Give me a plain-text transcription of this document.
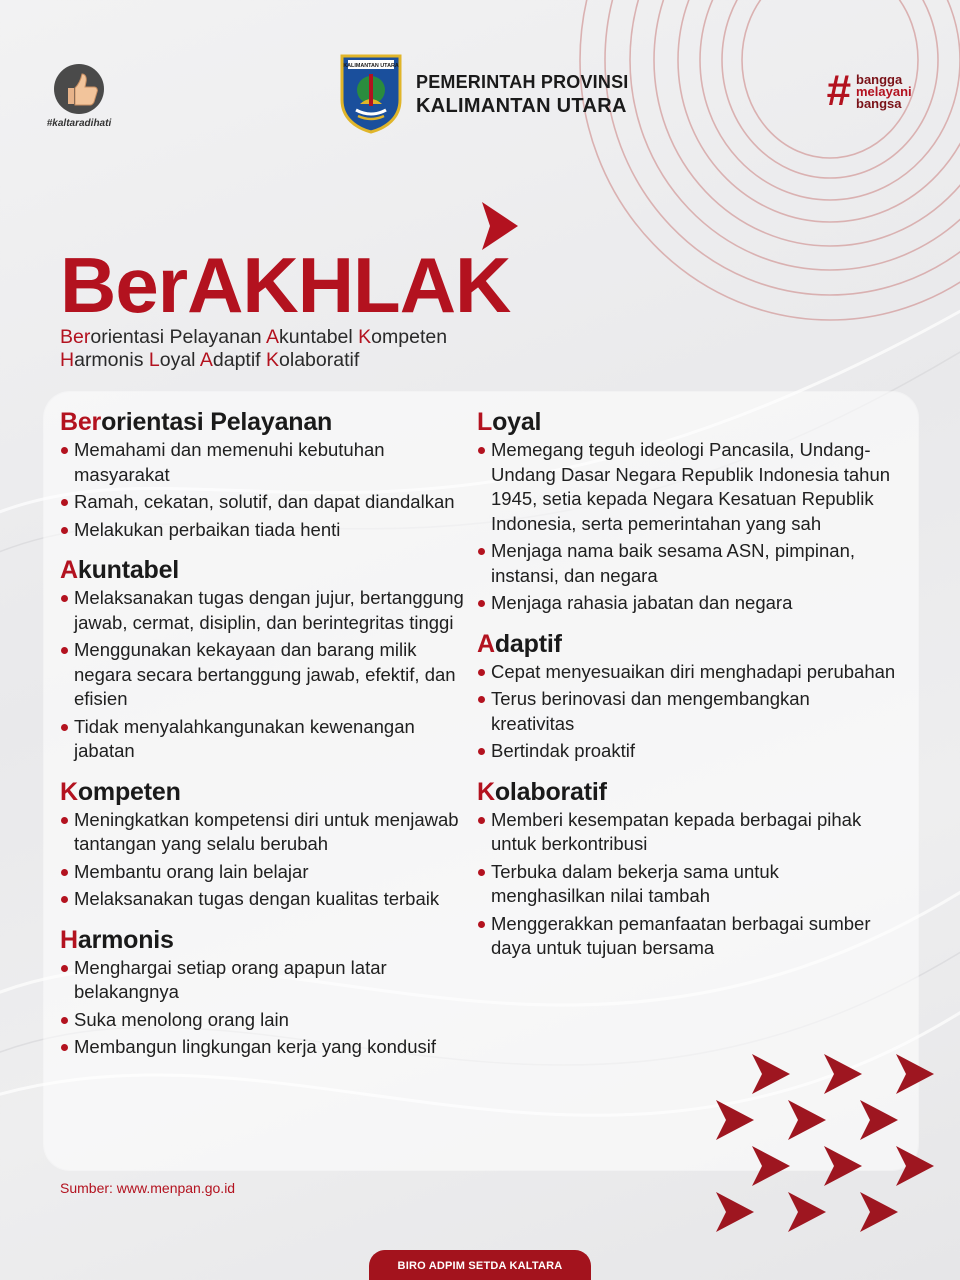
#kaltaradihati
KALIMANTAN UTARA
PEMERINTAH PROVINSI
KALIMANTAN UTARA	# bangga
melayani
bangsa
BerAKHLAK
Berorientasi Pelayanan Akuntabel Kompeten
Harmonis Loyal Adaptif Kolaboratif
Berorientasi Pelayanan
Memahami dan memenuhi kebutuhan masyarakat
Ramah, cekatan, solutif, dan dapat diandalkan
Melakukan perbaikan tiada henti
Akuntabel
Melaksanakan tugas dengan jujur, bertanggung jawab, cermat, disiplin, dan berintegritas tinggi
Menggunakan kekayaan dan barang milik negara secara bertanggung jawab, efektif, dan efisien
Tidak menyalahkangunakan kewenangan jabatan
Kompeten
Meningkatkan kompetensi diri untuk menjawab tantangan yang selalu berubah
Membantu orang lain belajar
Melaksanakan tugas dengan kualitas terbaik
Harmonis
Menghargai setiap orang apapun latar belakangnya
Suka menolong orang lain
Membangun lingkungan kerja yang kondusif
Loyal
Memegang teguh ideologi Pancasila, Undang-Undang Dasar Negara Republik Indonesia tahun 1945, setia kepada Negara Kesatuan Republik Indonesia, serta pemerintahan yang sah
Menjaga nama baik sesama ASN, pimpinan, instansi, dan negara
Menjaga rahasia jabatan dan negara
Adaptif
Cepat menyesuaikan diri menghadapi perubahan
Terus berinovasi dan mengembangkan kreativitas
Bertindak proaktif
Kolaboratif
Memberi kesempatan kepada berbagai pihak untuk berkontribusi
Terbuka dalam bekerja sama untuk menghasilkan nilai tambah
Menggerakkan pemanfaatan berbagai sumber daya untuk tujuan bersama
Sumber: www.menpan.go.id
BIRO ADPIM SETDA KALTARA
